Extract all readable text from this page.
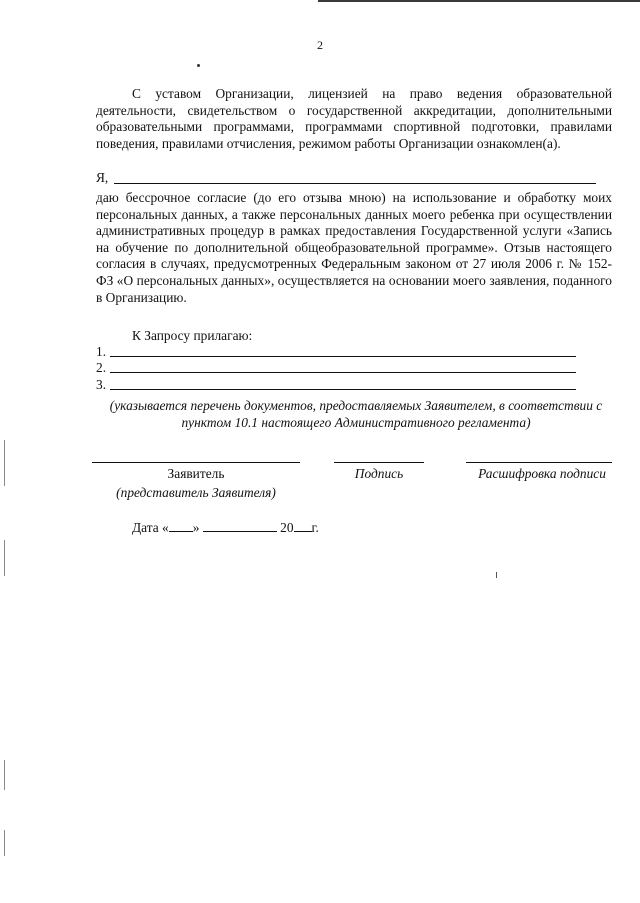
2

С уставом Организации, лицензией на право ведения образовательной деятельности, свидетельством о государственной аккредитации, дополнительными образовательными программами, программами спортивной подготовки, правилами поведения, правилами отчисления, режимом работы Организации ознакомлен(а).

Я,

даю бессрочное согласие (до его отзыва мною) на использование и обработку моих персональных данных, а также персональных данных моего ребенка при осуществлении административных процедур в рамках предоставления Государственной услуги «Запись на обучение по дополнительной общеобразовательной программе». Отзыв настоящего согласия в случаях, предусмотренных Федеральным законом от 27 июля 2006 г. № 152-ФЗ «О персональных данных», осуществляется на основании моего заявления, поданного в Организацию.

К Запросу прилагаю:
1.
2.
3.
(указывается перечень документов, предоставляемых Заявителем, в соответствии с пунктом 10.1 настоящего Административного регламента)
Заявитель
(представитель Заявителя)
Подпись	Расшифровка подписи
Дата « »	20 г.
